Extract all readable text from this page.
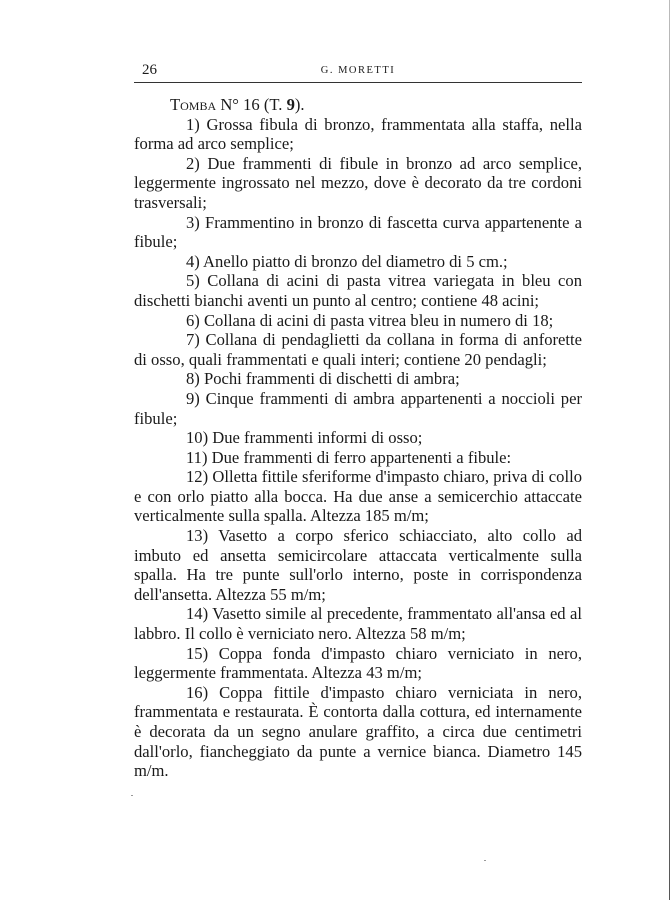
26	G. MORETTI

Tomba N° 16 (T. 9).

1) Grossa fibula di bronzo, frammentata alla staffa, nella forma ad arco semplice;

2) Due frammenti di fibule in bronzo ad arco semplice, leggermente ingrossato nel mezzo, dove è decorato da tre cordoni trasversali;

3) Frammentino in bronzo di fascetta curva appartenente a fibule;

4) Anello piatto di bronzo del diametro di 5 cm.;

5) Collana di acini di pasta vitrea variegata in bleu con dischetti bianchi aventi un punto al centro; contiene 48 acini;

6) Collana di acini di pasta vitrea bleu in numero di 18;

7) Collana di pendaglietti da collana in forma di anforette di osso, quali frammentati e quali interi; contiene 20 pendagli;

8) Pochi frammenti di dischetti di ambra;

9) Cinque frammenti di ambra appartenenti a noccioli per fibule;

10) Due frammenti informi di osso;

11) Due frammenti di ferro appartenenti a fibule:

12) Olletta fittile sferiforme d'impasto chiaro, priva di collo e con orlo piatto alla bocca. Ha due anse a semicerchio attaccate verticalmente sulla spalla. Altezza 185 m/m;

13) Vasetto a corpo sferico schiacciato, alto collo ad imbuto ed ansetta semicircolare attaccata verticalmente sulla spalla. Ha tre punte sull'orlo interno, poste in corrispondenza dell'ansetta. Altezza 55 m/m;

14) Vasetto simile al precedente, frammentato all'ansa ed al labbro. Il collo è verniciato nero. Altezza 58 m/m;

15) Coppa fonda d'impasto chiaro verniciato in nero, leggermente frammentata. Altezza 43 m/m;

16) Coppa fittile d'impasto chiaro verniciata in nero, frammentata e restaurata. È contorta dalla cottura, ed internamente è decorata da un segno anulare graffito, a circa due centimetri dall'orlo, fiancheggiato da punte a vernice bianca. Diametro 145 m/m.
